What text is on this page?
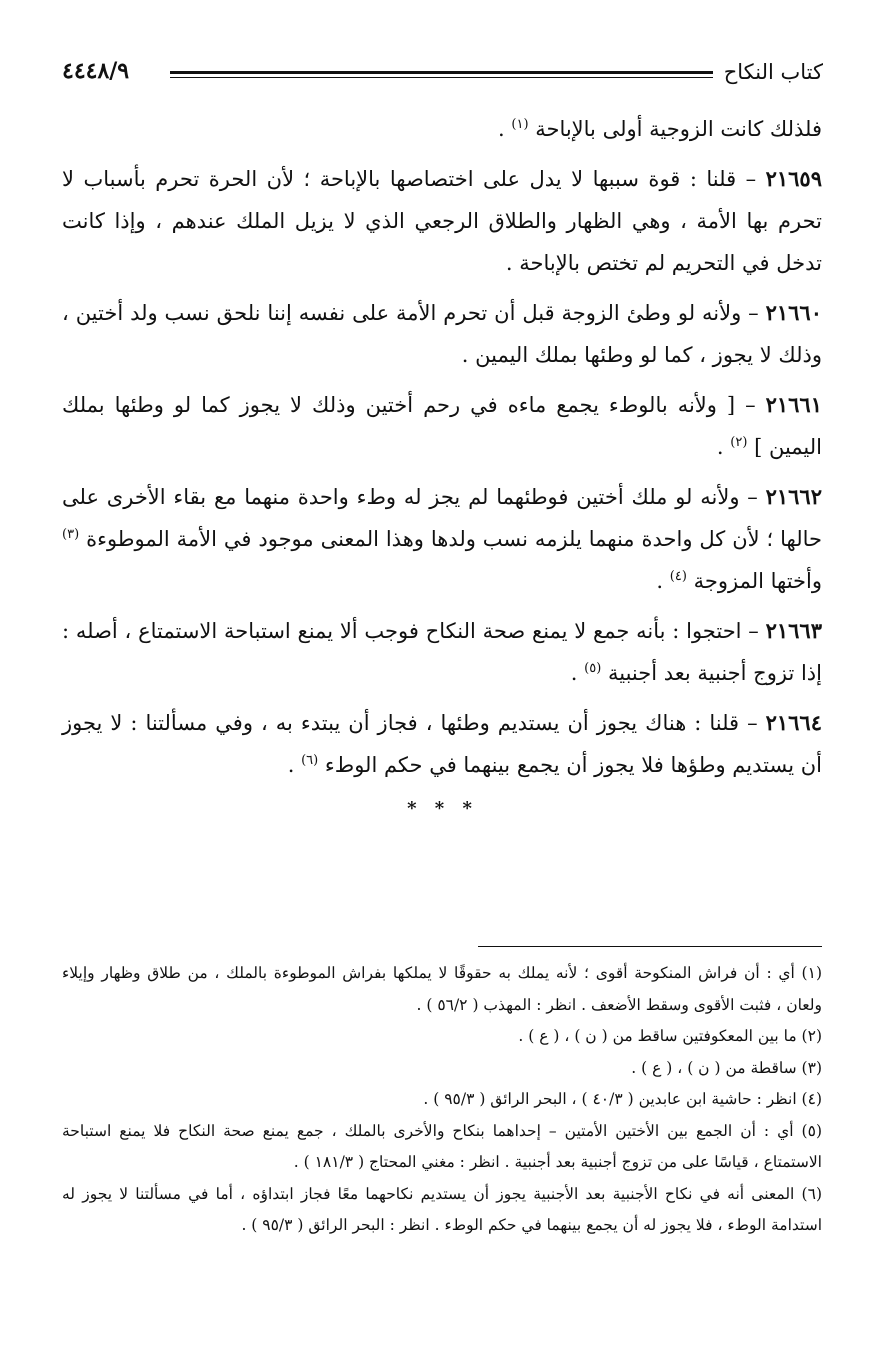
٤٤٤٨/٩	كتاب النكاح

فلذلك كانت الزوجية أولى بالإباحة $^{(١)}$ .

٢١٦٥٩ – قلنا : قوة سببها لا يدل على اختصاصها بالإباحة ؛ لأن الحرة تحرم بأسباب لا تحرم بها الأمة ، وهي الظهار والطلاق الرجعي الذي لا يزيل الملك عندهم ، وإذا كانت تدخل في التحريم لم تختص بالإباحة .

٢١٦٦٠ – ولأنه لو وطئ الزوجة قبل أن تحرم الأمة على نفسه إننا نلحق نسب ولد أختين ، وذلك لا يجوز ، كما لو وطئها بملك اليمين .

٢١٦٦١ – [ ولأنه بالوطء يجمع ماءه في رحم أختين وذلك لا يجوز كما لو وطئها بملك اليمين ] $^{(٢)}$ .

٢١٦٦٢ – ولأنه لو ملك أختين فوطئهما لم يجز له وطء واحدة منهما مع بقاء الأخرى على حالها ؛ لأن كل واحدة منهما يلزمه نسب ولدها وهذا المعنى موجود في الأمة الموطوءة $^{(٣)}$ وأختها المزوجة $^{(٤)}$ .

٢١٦٦٣ – احتجوا : بأنه جمع لا يمنع صحة النكاح فوجب ألا يمنع استباحة الاستمتاع ، أصله : إذا تزوج أجنبية بعد أجنبية $^{(٥)}$ .

٢١٦٦٤ – قلنا : هناك يجوز أن يستديم وطئها ، فجاز أن يبتدء به ، وفي مسألتنا : لا يجوز أن يستديم وطؤها فلا يجوز أن يجمع بينهما في حكم الوطء $^{(٦)}$ .

* * *

(١) أي : أن فراش المنكوحة أقوى ؛ لأنه يملك به حقوقًا لا يملكها بفراش الموطوءة بالملك ، من طلاق وظهار وإيلاء ولعان ، فثبت الأقوى وسقط الأضعف . انظر : المهذب ( ٥٦/٢ ) .

(٢) ما بين المعكوفتين ساقط من ( ن ) ، ( ع ) .

(٣) ساقطة من ( ن ) ، ( ع ) .

(٤) انظر : حاشية ابن عابدين ( ٤٠/٣ ) ، البحر الرائق ( ٩٥/٣ ) .

(٥) أي : أن الجمع بين الأختين الأمتين – إحداهما بنكاح والأخرى بالملك ، جمع يمنع صحة النكاح فلا يمنع استباحة الاستمتاع ، قياسًا على من تزوج أجنبية بعد أجنبية . انظر : مغني المحتاج ( ١٨١/٣ ) .

(٦) المعنى أنه في نكاح الأجنبية بعد الأجنبية يجوز أن يستديم نكاحهما معًا فجاز ابتداؤه ، أما في مسألتنا لا يجوز له استدامة الوطء ، فلا يجوز له أن يجمع بينهما في حكم الوطء . انظر : البحر الرائق ( ٩٥/٣ ) .
